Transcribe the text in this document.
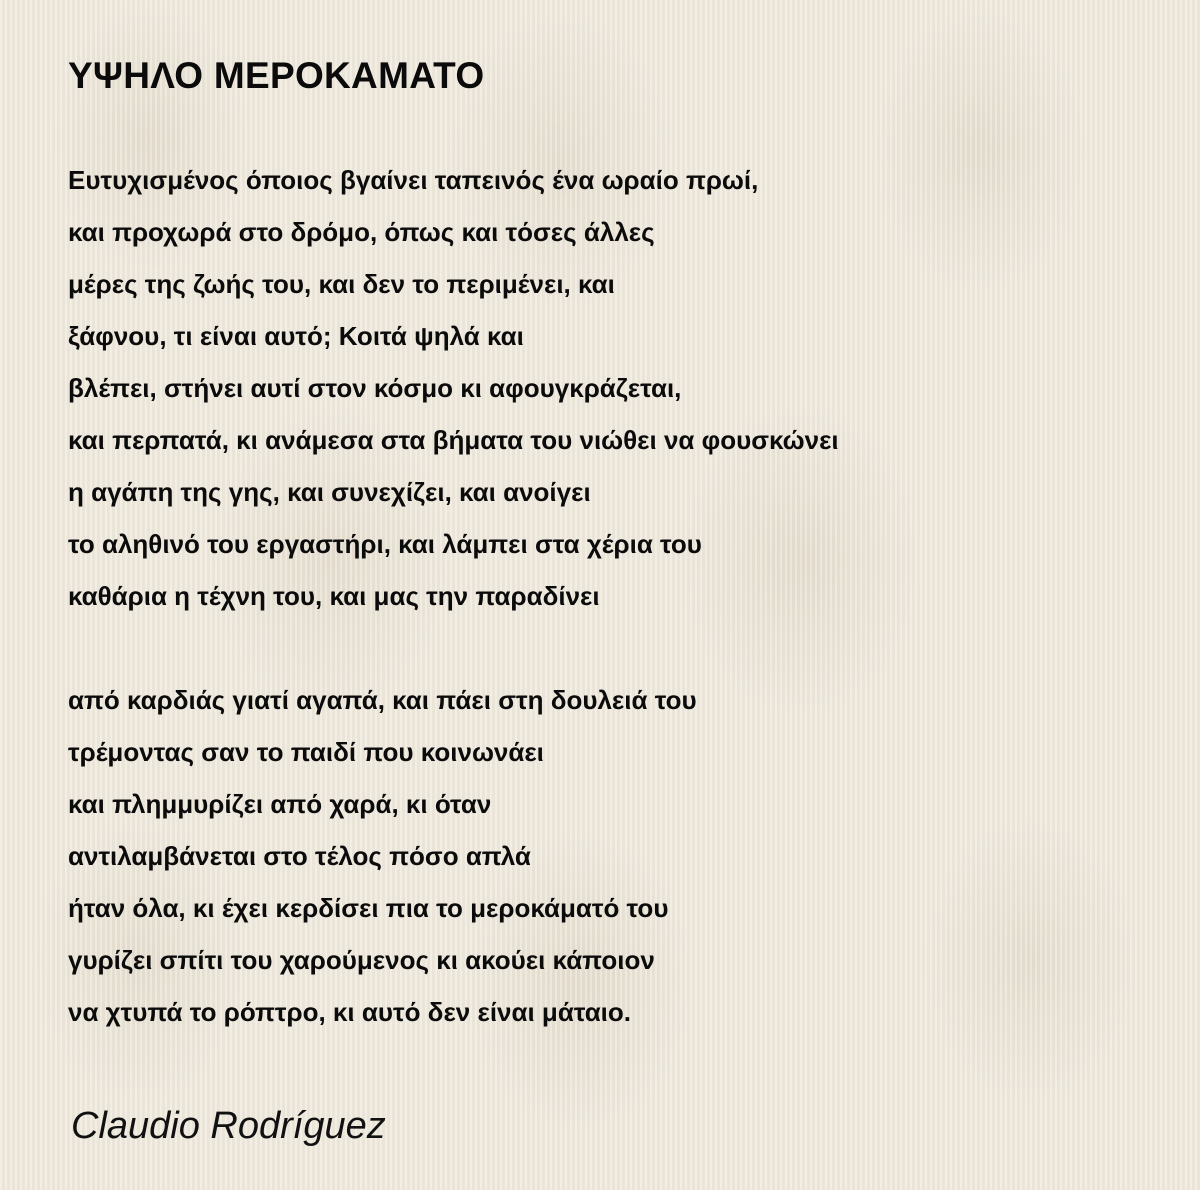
ΥΨΗΛΟ ΜΕΡΟΚΑΜΑΤΟ
Ευτυχισμένος όποιος βγαίνει ταπεινός ένα ωραίο πρωί,
και προχωρά στο δρόμο, όπως και τόσες άλλες
μέρες της ζωής του, και δεν το περιμένει, και
ξάφνου, τι είναι αυτό; Κοιτά ψηλά και
βλέπει, στήνει αυτί στον κόσμο κι αφουγκράζεται,
και περπατά, κι ανάμεσα στα βήματα του νιώθει να φουσκώνει
η αγάπη της γης, και συνεχίζει, και ανοίγει
το αληθινό του εργαστήρι, και λάμπει στα χέρια του
καθάρια η τέχνη του, και μας την παραδίνει
από καρδιάς γιατί αγαπά, και πάει στη δουλειά του
τρέμοντας σαν το παιδί που κοινωνάει
και πλημμυρίζει από χαρά, κι όταν
αντιλαμβάνεται στο τέλος πόσο απλά
ήταν όλα, κι έχει κερδίσει πια το μεροκάματό του
γυρίζει σπίτι του χαρούμενος κι ακούει κάποιον
να χτυπά το ρόπτρο, κι αυτό δεν είναι μάταιο.
Claudio Rodríguez
